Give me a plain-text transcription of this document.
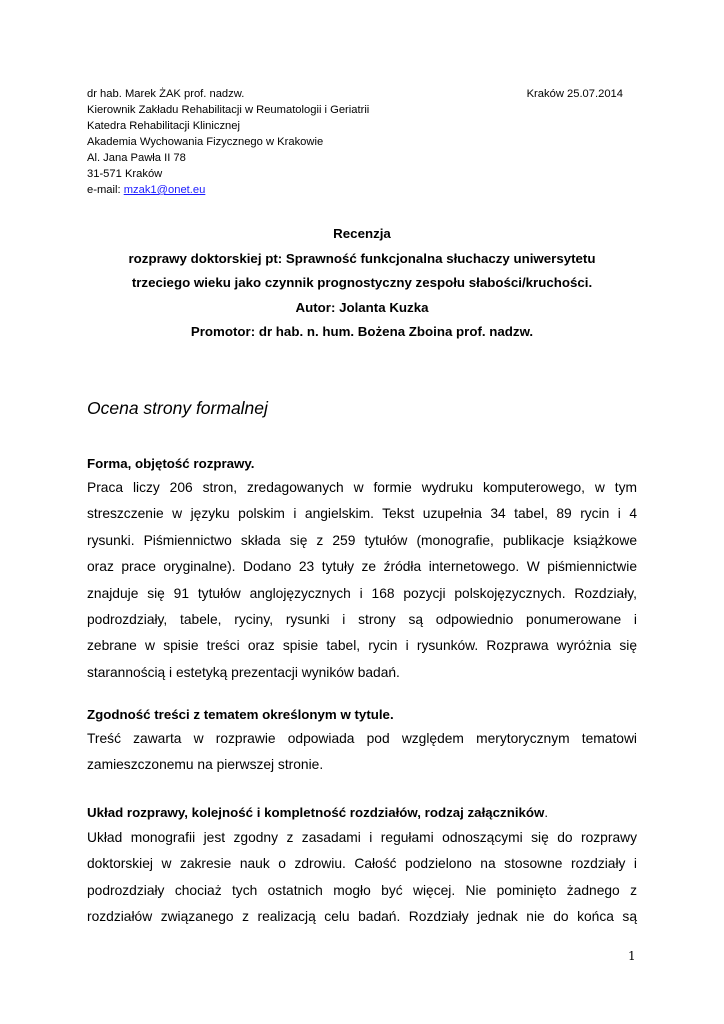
dr hab. Marek ŻAK prof. nadzw.	Kraków 25.07.2014
Kierownik Zakładu Rehabilitacji w Reumatologii i Geriatrii
Katedra Rehabilitacji Klinicznej
Akademia Wychowania Fizycznego w Krakowie
Al. Jana Pawła II 78
31-571 Kraków
e-mail: mzak1@onet.eu
Recenzja
rozprawy doktorskiej pt: Sprawność funkcjonalna słuchaczy uniwersytetu
trzeciego wieku jako czynnik prognostyczny zespołu słabości/kruchości.
Autor: Jolanta Kuzka
Promotor: dr hab. n. hum. Bożena Zboina prof. nadzw.
Ocena strony formalnej
Forma, objętość rozprawy.
Praca liczy 206 stron, zredagowanych w formie wydruku komputerowego, w tym
streszczenie w języku polskim i angielskim. Tekst uzupełnia 34 tabel, 89 rycin i 4
rysunki. Piśmiennictwo składa się z 259 tytułów (monografie, publikacje książkowe
oraz prace oryginalne). Dodano 23 tytuły ze źródła internetowego. W piśmiennictwie
znajduje się 91 tytułów anglojęzycznych i 168 pozycji polskojęzycznych. Rozdziały,
podrozdziały, tabele, ryciny, rysunki i strony są odpowiednio ponumerowane i
zebrane w spisie treści oraz spisie tabel, rycin i rysunków. Rozprawa wyróżnia się
starannością i estetyką prezentacji wyników badań.
Zgodność treści z tematem określonym w tytule.
Treść zawarta w rozprawie odpowiada pod względem merytorycznym tematowi
zamieszczonemu na pierwszej stronie.
Układ rozprawy, kolejność i kompletność rozdziałów, rodzaj załączników.
Układ monografii jest zgodny z zasadami i regułami odnoszącymi się do rozprawy
doktorskiej w zakresie nauk o zdrowiu. Całość podzielono na stosowne rozdziały i
podrozdziały chociaż tych ostatnich mogło być więcej. Nie pominięto żadnego z
rozdziałów związanego z realizacją celu badań. Rozdziały jednak nie do końca są
1
